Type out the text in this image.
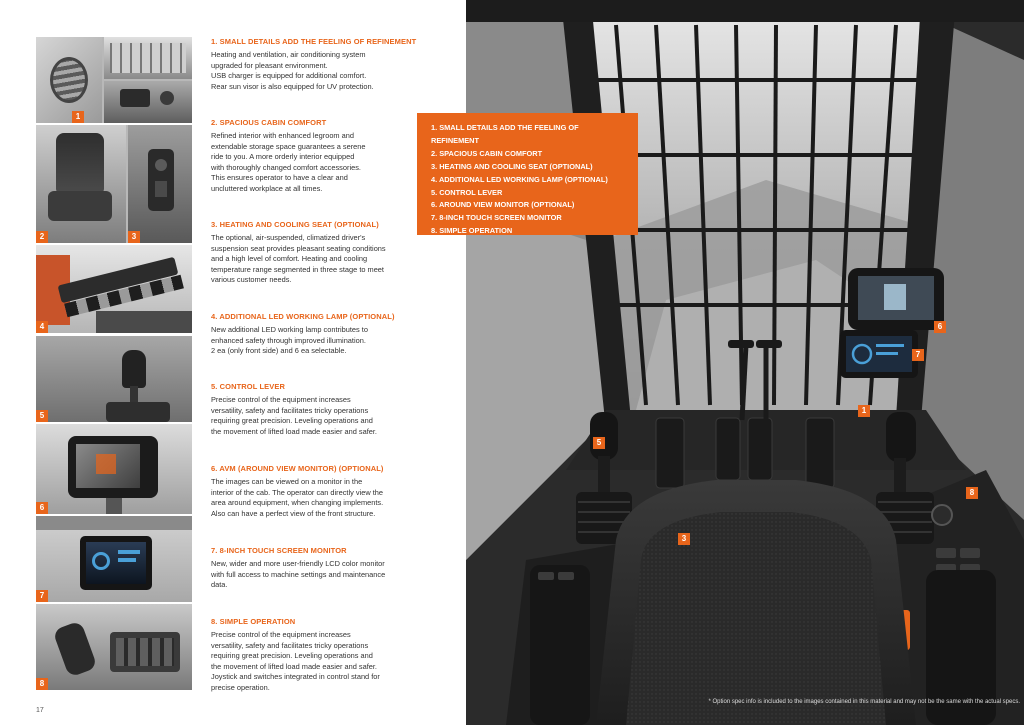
1
2	3
4
5
6
7
8
1. SMALL DETAILS ADD THE FEELING OF REFINEMENT

Heating and ventilation, air conditioning system
upgraded for pleasant environment.
USB charger is equipped for additional comfort.
Rear sun visor is also equipped for UV protection.

2. SPACIOUS CABIN COMFORT

Refined interior with enhanced legroom and
extendable storage space guarantees a serene
ride to you. A more orderly interior equipped
with thoroughly changed comfort accessories.
This ensures operator to have a clear and
uncluttered workplace at all times.

3. HEATING AND COOLING SEAT (OPTIONAL)

The optional, air-suspended, climatized driver's
suspension seat provides pleasant seating conditions
and a high level of comfort. Heating and cooling
temperature range segmented in three stage to meet
various customer needs.

4. ADDITIONAL LED WORKING LAMP (OPTIONAL)

New additional LED working lamp contributes to
enhanced safety through improved illumination.
2 ea (only front side) and 6 ea selectable.

5. CONTROL LEVER

Precise control of the equipment increases
versatility, safety and facilitates tricky operations
requiring great precision. Leveling operations and
the movement of lifted load made easier and safer.

6. AVM (AROUND VIEW MONITOR) (OPTIONAL)

The images can be viewed on a monitor in the
interior of the cab. The operator can directly view the
area around equipment, when changing implements.
Also can have a perfect view of the front structure.

7. 8-INCH TOUCH SCREEN MONITOR

New, wider and more user-friendly LCD color monitor
with full access to machine settings and maintenance
data.

8. SIMPLE OPERATION

Precise control of the equipment increases
versatility, safety and facilitates tricky operations
requiring great precision. Leveling operations and
the movement of lifted load made easier and safer.
Joystick and switches integrated in control stand for
precise operation.

17
1
3
5
6
7
8
1. SMALL DETAILS ADD THE FEELING OF REFINEMENT
2. SPACIOUS CABIN COMFORT
3. HEATING AND COOLING SEAT (OPTIONAL)
4. ADDITIONAL LED WORKING LAMP (OPTIONAL)
5. CONTROL LEVER
6. AROUND VIEW MONITOR (OPTIONAL)
7. 8-INCH TOUCH SCREEN MONITOR
8. SIMPLE OPERATION
* Option spec info is included to the images contained in this material and may not be the same with the actual specs.
